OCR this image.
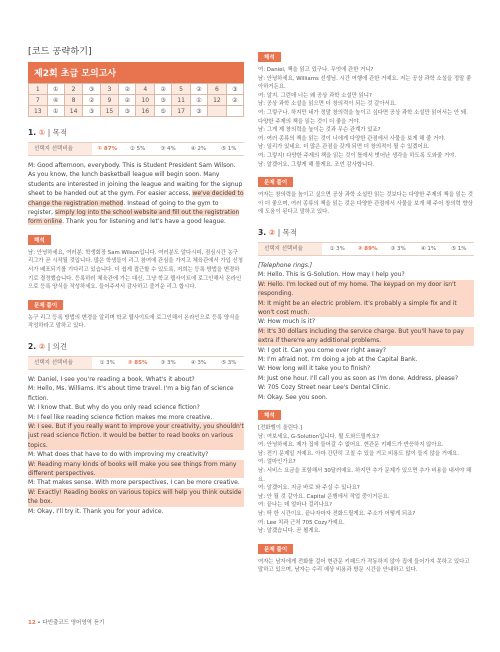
[코드 공략하기]
제2회 초급 모의고사
1	①	2	③	3	②	4	②	5	②	6	③
7	④	8	②	9	②	10	③	11	①	12	②
13	①	14	③	15	③	16	⑤	17	③		
1. ① | 목적
선택지 선택비율	① 87%	② 5%	③ 4%	④ 2%	⑤ 1%
M: Good afternoon, everybody. This is Student President Sam Wilson. As you know, the lunch basketball league will begin soon. Many students are interested in joining the league and waiting for the signup sheet to be handed out at the gym. For easier access, we've decided to change the registration method. Instead of going to the gym to register, simply log into the school website and fill out the registration form online. Thank you for listening and let's have a good league.
해석
남: 안녕하세요, 여러분. 학생회장 Sam Wilson입니다. 여러분도 알다시피, 점심시간 농구 리그가 곧 시작될 것입니다. 많은 학생들이 리그 참여에 관심을 가지고 체육관에서 가입 신청서가 배포되기를 기다리고 있습니다. 더 쉽게 접근할 수 있도록, 저희는 등록 방법을 변경하기로 결정했습니다. 등록하러 체육관에 가는 대신, 그냥 학교 웹사이트에 로그인해서 온라인으로 등록 양식을 작성하세요. 들어주셔서 감사하고 즐거운 리그 합시다.
문제 풀이
농구 리그 등록 방법의 변경을 알리며 학교 웹사이트에 로그인해서 온라인으로 등록 양식을 작성하라고 말하고 있다.
2. ② | 의견
선택지 선택비율	① 3%	② 85%	③ 3%	④ 3%	⑤ 3%
W: Daniel, I see you're reading a book. What's it about?
M: Hello, Ms. Williams. It's about time travel. I'm a big fan of science fiction.
W: I know that. But why do you only read science fiction?
M: I feel like reading science fiction makes me more creative.
W: I see. But if you really want to improve your creativity, you shouldn't just read science fiction. It would be better to read books on various topics.
M: What does that have to do with improving my creativity?
W: Reading many kinds of books will make you see things from many different perspectives.
M: That makes sense. With more perspectives, I can be more creative.
W: Exactly! Reading books on various topics will help you think outside the box.
M: Okay, I'll try it. Thank you for your advice.
해석
여: Daniel, 책을 읽고 있구나. 무엇에 관한 거니?
남: 안녕하세요, Williams 선생님. 시간 여행에 관한 거예요. 저는 공상 과학 소설을 정말 좋아하거든요.
여: 알지. 그런데 너는 왜 공상 과학 소설만 읽니?
남: 공상 과학 소설을 읽으면 더 창의적이 되는 것 같아서요.
여: 그렇구나. 하지만 네가 정말 창의력을 높이고 싶다면 공상 과학 소설만 읽어서는 안 돼. 다양한 주제의 책을 읽는 것이 더 좋을 거야.
남: 그게 제 창의력을 높이는 것과 무슨 관계가 있죠?
여: 여러 종류의 책을 읽는 것이 너에게 다양한 관점에서 사물을 보게 해 줄 거야.
남: 일리가 있네요. 더 많은 관점을 갖게 되면 더 창의적이 될 수 있겠어요.
여: 그렇지! 다양한 주제의 책을 읽는 것이 틀에서 벗어난 생각을 하도록 도와줄 거야.
남: 알겠어요, 그렇게 해 볼게요. 조언 감사합니다.
문제 풀이
여자는 창의력을 높이고 싶으면 공상 과학 소설만 읽는 것보다는 다양한 주제의 책을 읽는 것이 더 좋으며, 여러 종류의 책을 읽는 것은 다양한 관점에서 사물을 보게 해 주어 창의력 향상에 도움이 된다고 말하고 있다.
3. ② | 목적
선택지 선택비율	① 3%	② 89%	③ 3%	④ 1%	⑤ 1%
[Telephone rings.]
M: Hello. This is G-Solution. How may I help you?
W: Hello. I'm locked out of my home. The keypad on my door isn't responding.
M: It might be an electric problem. It's probably a simple fix and it won't cost much.
W: How much is it?
M: It's 30 dollars including the service charge. But you'll have to pay extra if there're any additional problems.
W: I got it. Can you come over right away?
M: I'm afraid not. I'm doing a job at the Capital Bank.
W: How long will it take you to finish?
M: Just one hour. I'll call you as soon as I'm done. Address, please?
W: 705 Cozy Street near Lee's Dental Clinic.
M: Okay. See you soon.
해석
[전화벨이 울린다.]
남: 여보세요, G-Solution입니다. 뭘 도와드릴까요?
여: 안녕하세요. 제가 집에 들어갈 수 없어요. 현관문 키패드가 반응하지 않아요.
남: 전기 문제일 거예요. 아마 간단히 고칠 수 있을 거고 비용도 많이 들지 않을 거예요.
여: 얼마인가요?
남: 서비스 요금을 포함해서 30달러예요. 하지만 추가 문제가 있으면 추가 비용을 내셔야 해요.
여: 알겠어요. 지금 바로 와 주실 수 있나요?
남: 안 될 것 같아요. Capital 은행에서 작업 중이거든요.
여: 끝나는 데 얼마나 걸리나요?
남: 딱 한 시간이요. 끝나자마자 전화드릴게요. 주소가 어떻게 되죠?
여: Lee 치과 근처 705 Cozy가예요.
남: 알겠습니다. 곧 뵐게요.
문제 풀이
여자는 남자에게 전화를 걸어 현관문 키패드가 작동하지 않아 집에 들어가지 못하고 있다고 말하고 있으며, 남자는 수리 예상 비용과 방문 시간을 안내하고 있다.
12 • 다빈출코드 영어영역 듣기
